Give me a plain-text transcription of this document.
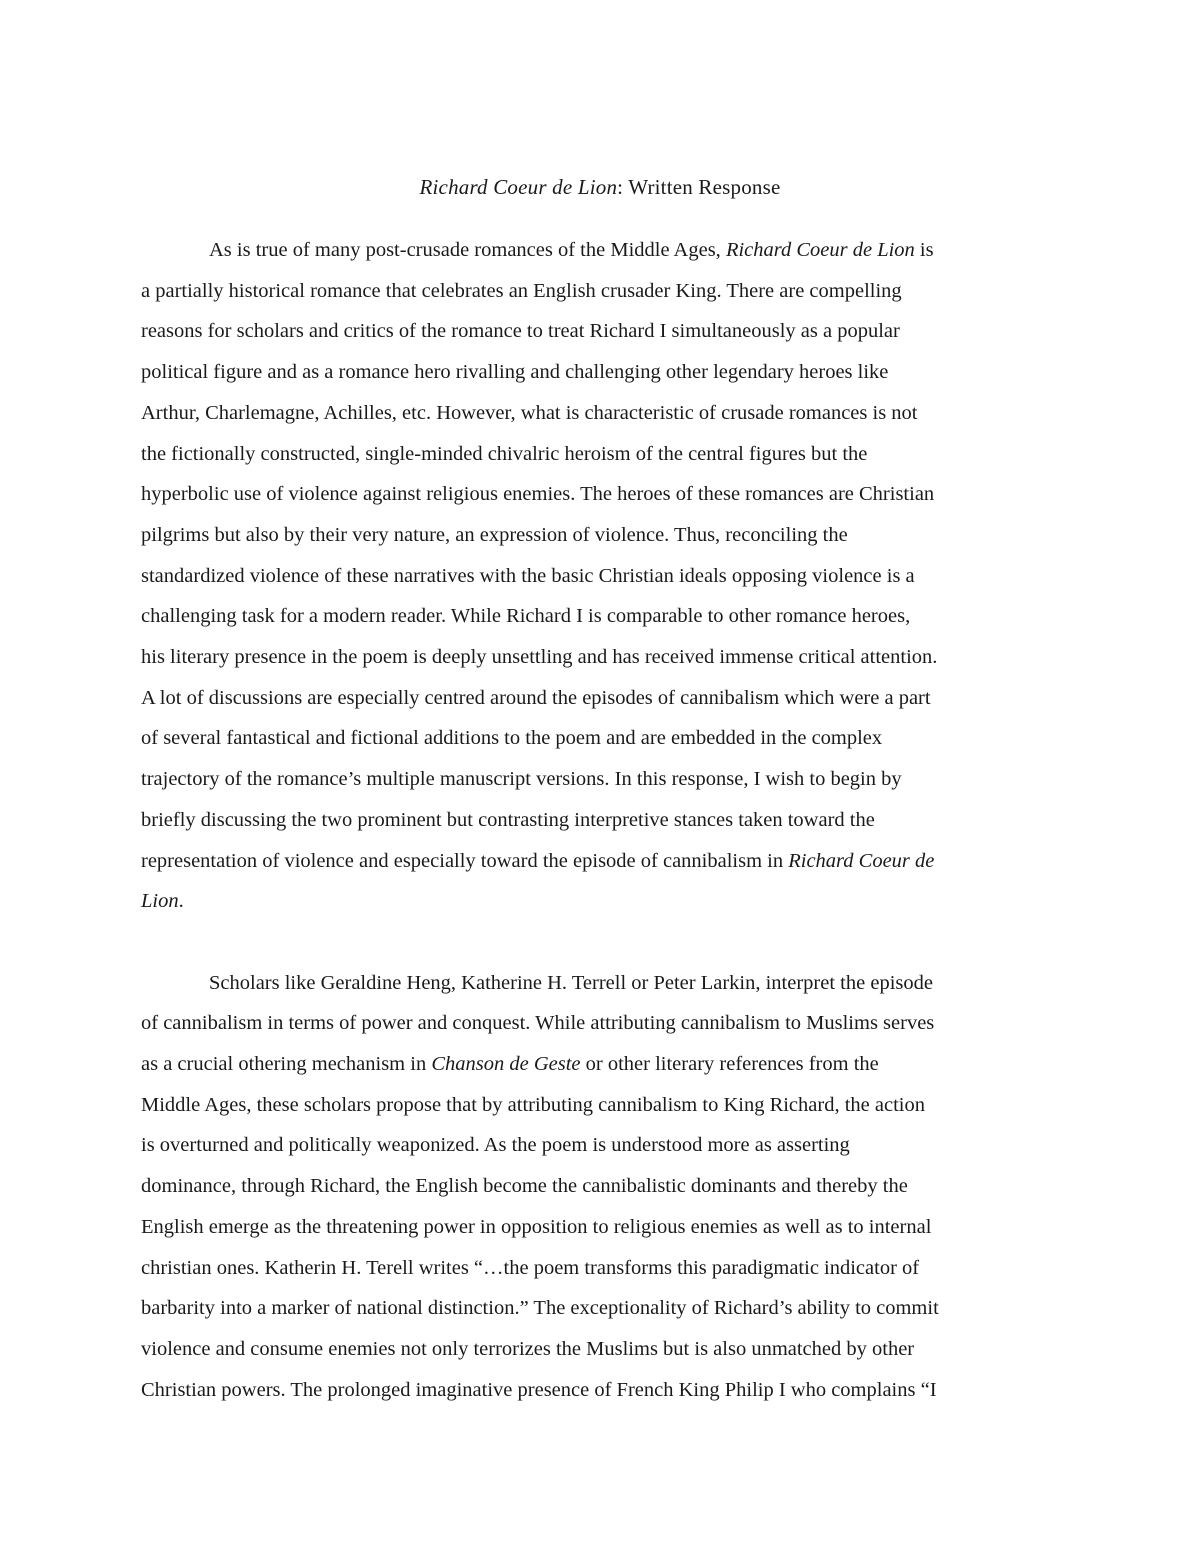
Richard Coeur de Lion: Written Response

As is true of many post-crusade romances of the Middle Ages, Richard Coeur de Lion is
a partially historical romance that celebrates an English crusader King. There are compelling
reasons for scholars and critics of the romance to treat Richard I simultaneously as a popular
political figure and as a romance hero rivalling and challenging other legendary heroes like
Arthur, Charlemagne, Achilles, etc. However, what is characteristic of crusade romances is not
the fictionally constructed, single-minded chivalric heroism of the central figures but the
hyperbolic use of violence against religious enemies. The heroes of these romances are Christian
pilgrims but also by their very nature, an expression of violence. Thus, reconciling the
standardized violence of these narratives with the basic Christian ideals opposing violence is a
challenging task for a modern reader. While Richard I is comparable to other romance heroes,
his literary presence in the poem is deeply unsettling and has received immense critical attention.
A lot of discussions are especially centred around the episodes of cannibalism which were a part
of several fantastical and fictional additions to the poem and are embedded in the complex
trajectory of the romance’s multiple manuscript versions. In this response, I wish to begin by
briefly discussing the two prominent but contrasting interpretive stances taken toward the
representation of violence and especially toward the episode of cannibalism in Richard Coeur de
Lion.

Scholars like Geraldine Heng, Katherine H. Terrell or Peter Larkin, interpret the episode
of cannibalism in terms of power and conquest. While attributing cannibalism to Muslims serves
as a crucial othering mechanism in Chanson de Geste or other literary references from the
Middle Ages, these scholars propose that by attributing cannibalism to King Richard, the action
is overturned and politically weaponized. As the poem is understood more as asserting
dominance, through Richard, the English become the cannibalistic dominants and thereby the
English emerge as the threatening power in opposition to religious enemies as well as to internal
christian ones. Katherin H. Terell writes “…the poem transforms this paradigmatic indicator of
barbarity into a marker of national distinction.” The exceptionality of Richard’s ability to commit
violence and consume enemies not only terrorizes the Muslims but is also unmatched by other
Christian powers. The prolonged imaginative presence of French King Philip I who complains “I
